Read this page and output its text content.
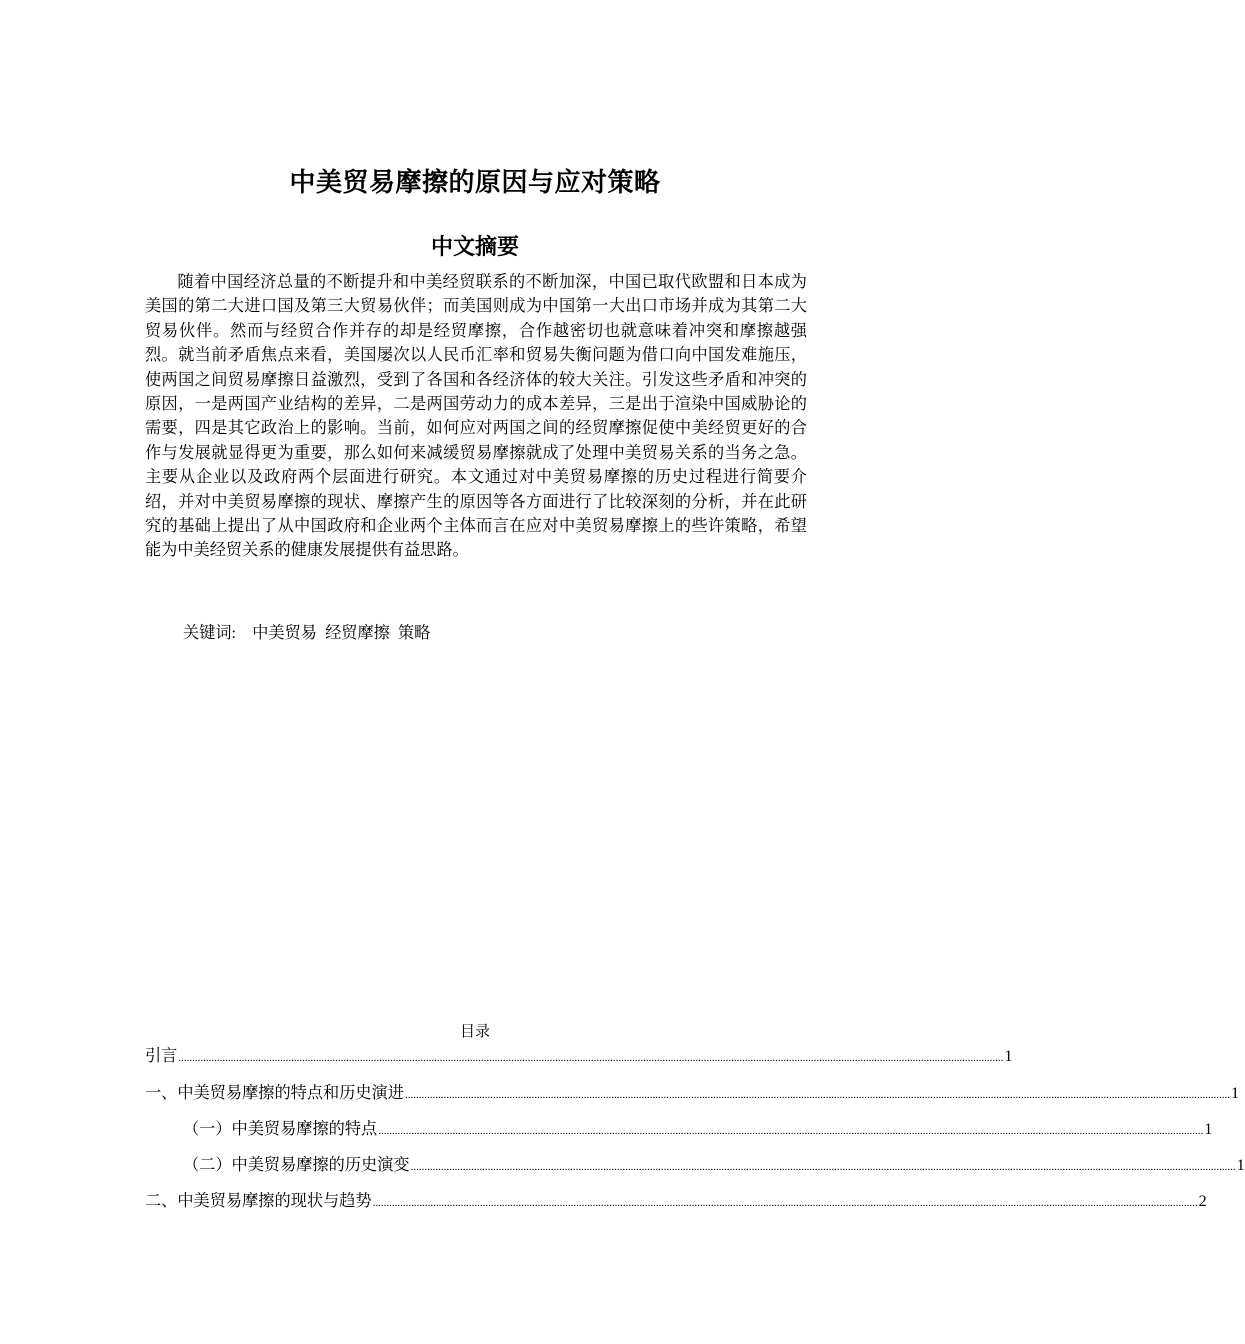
中美贸易摩擦的原因与应对策略
中文摘要

随着中国经济总量的不断提升和中美经贸联系的不断加深，中国已取代欧盟和日本成为美国的第二大进口国及第三大贸易伙伴；而美国则成为中国第一大出口市场并成为其第二大贸易伙伴。然而与经贸合作并存的却是经贸摩擦，合作越密切也就意味着冲突和摩擦越强烈。就当前矛盾焦点来看，美国屡次以人民币汇率和贸易失衡问题为借口向中国发难施压，使两国之间贸易摩擦日益激烈，受到了各国和各经济体的较大关注。引发这些矛盾和冲突的原因，一是两国产业结构的差异，二是两国劳动力的成本差异，三是出于渲染中国威胁论的需要，四是其它政治上的影响。当前，如何应对两国之间的经贸摩擦促使中美经贸更好的合作与发展就显得更为重要，那么如何来减缓贸易摩擦就成了处理中美贸易关系的当务之急。主要从企业以及政府两个层面进行研究。本文通过对中美贸易摩擦的历史过程进行简要介绍，并对中美贸易摩擦的现状、摩擦产生的原因等各方面进行了比较深刻的分析，并在此研究的基础上提出了从中国政府和企业两个主体而言在应对中美贸易摩擦上的些许策略，希望能为中美经贸关系的健康发展提供有益思路。

关键词: 中美贸易  经贸摩擦  策略
目录
引言 ............................................................................................................................................................................................................................................................................................................ 1
一、中美贸易摩擦的特点和历史演进 ............................................................................................................................................................................................................................................................................................................ 1
（一）中美贸易摩擦的特点 ............................................................................................................................................................................................................................................................................................................ 1
（二）中美贸易摩擦的历史演变 ............................................................................................................................................................................................................................................................................................................ 1
二、中美贸易摩擦的现状与趋势 ............................................................................................................................................................................................................................................................................................................ 2
